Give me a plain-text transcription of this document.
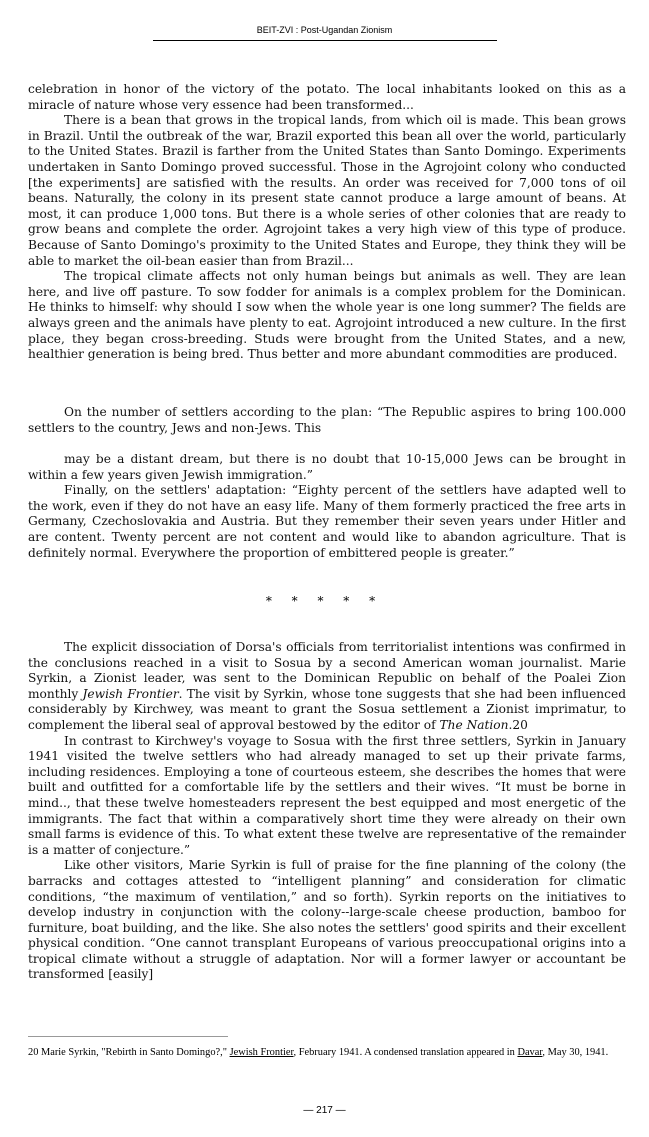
BEIT-ZVI : Post-Ugandan Zionism

celebration in honor of the victory of the potato. The local inhabitants looked on this as a miracle of nature whose very essence had been transformed...

There is a bean that grows in the tropical lands, from which oil is made. This bean grows in Brazil. Until the outbreak of the war, Brazil exported this bean all over the world, particularly to the United States. Brazil is farther from the United States than Santo Domingo. Experiments undertaken in Santo Domingo proved successful. Those in the Agrojoint colony who conducted [the experiments] are satisfied with the results. An order was received for 7,000 tons of oil beans. Naturally, the colony in its present state cannot produce a large amount of beans. At most, it can produce 1,000 tons. But there is a whole series of other colonies that are ready to grow beans and complete the order. Agrojoint takes a very high view of this type of produce. Because of Santo Domingo's proximity to the United States and Europe, they think they will be able to market the oil-bean easier than from Brazil...

The tropical climate affects not only human beings but animals as well. They are lean here, and live off pasture. To sow fodder for animals is a complex problem for the Dominican. He thinks to himself: why should I sow when the whole year is one long summer? The fields are always green and the animals have plenty to eat. Agrojoint introduced a new culture. In the first place, they began cross-breeding. Studs were brought from the United States, and a new, healthier generation is being bred. Thus better and more abundant commodities are produced.

On the number of settlers according to the plan: “The Republic aspires to bring 100.000 settlers to the country, Jews and non-Jews. This

may be a distant dream, but there is no doubt that 10-15,000 Jews can be brought in within a few years given Jewish immigration.”

Finally, on the settlers' adaptation: “Eighty percent of the settlers have adapted well to the work, even if they do not have an easy life. Many of them formerly practiced the free arts in Germany, Czechoslovakia and Austria. But they remember their seven years under Hitler and are content. Twenty percent are not content and would like to abandon agriculture. That is definitely normal. Everywhere the proportion of embittered people is greater.”

* * * * *

The explicit dissociation of Dorsa's officials from territorialist intentions was confirmed in the conclusions reached in a visit to Sosua by a second American woman journalist. Marie Syrkin, a Zionist leader, was sent to the Dominican Republic on behalf of the Poalei Zion monthly Jewish Frontier. The visit by Syrkin, whose tone suggests that she had been influenced considerably by Kirchwey, was meant to grant the Sosua settlement a Zionist imprimatur, to complement the liberal seal of approval bestowed by the editor of The Nation.20

In contrast to Kirchwey's voyage to Sosua with the first three settlers, Syrkin in January 1941 visited the twelve settlers who had already managed to set up their private farms, including residences. Employing a tone of courteous esteem, she describes the homes that were built and outfitted for a comfortable life by the settlers and their wives. “It must be borne in mind.., that these twelve homesteaders represent the best equipped and most energetic of the immigrants. The fact that within a comparatively short time they were already on their own small farms is evidence of this. To what extent these twelve are representative of the remainder is a matter of conjecture.”

Like other visitors, Marie Syrkin is full of praise for the fine planning of the colony (the barracks and cottages attested to “intelligent planning” and consideration for climatic conditions, “the maximum of ventilation,” and so forth). Syrkin reports on the initiatives to develop industry in conjunction with the colony--large-scale cheese production, bamboo for furniture, boat building, and the like. She also notes the settlers' good spirits and their excellent physical condition. “One cannot transplant Europeans of various preoccupational origins into a tropical climate without a struggle of adaptation. Nor will a former lawyer or accountant be transformed [easily]

20 Marie Syrkin, "Rebirth in Santo Domingo?," Jewish Frontier, February 1941. A condensed translation appeared in Davar, May 30, 1941.
— 217 —
